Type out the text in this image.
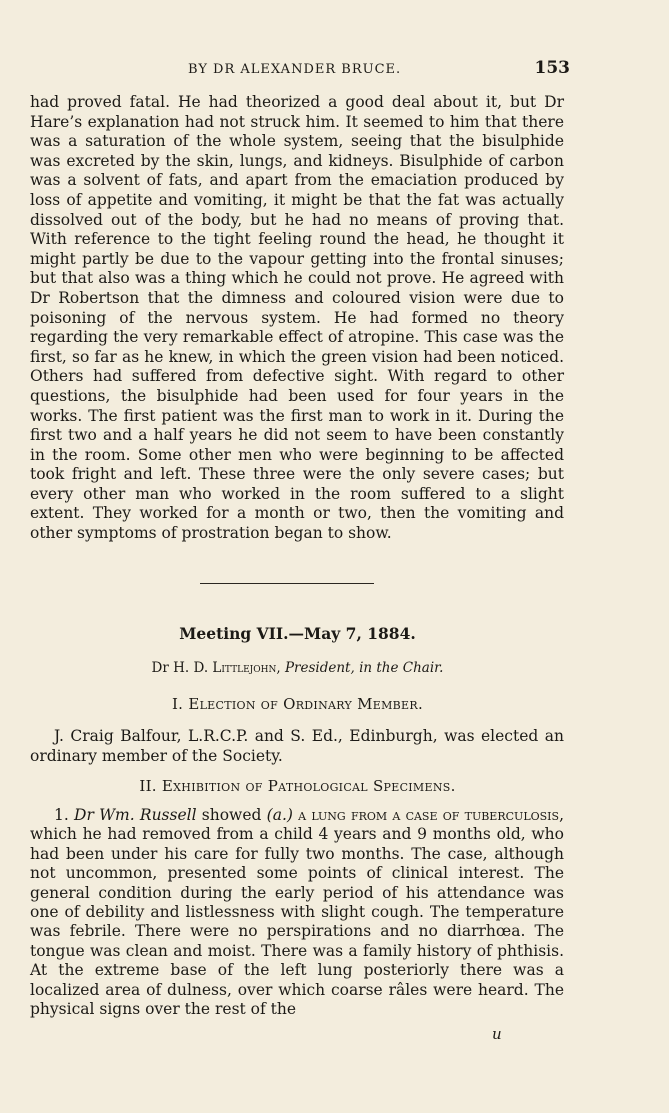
BY DR ALEXANDER BRUCE.	153

had proved fatal. He had theorized a good deal about it, but Dr Hare’s explanation had not struck him. It seemed to him that there was a saturation of the whole system, seeing that the bisulphide was excreted by the skin, lungs, and kidneys. Bisulphide of carbon was a solvent of fats, and apart from the emaciation produced by loss of appetite and vomiting, it might be that the fat was actually dissolved out of the body, but he had no means of proving that. With reference to the tight feeling round the head, he thought it might partly be due to the vapour getting into the frontal sinuses; but that also was a thing which he could not prove. He agreed with Dr Robertson that the dimness and coloured vision were due to poisoning of the nervous system. He had formed no theory regarding the very remarkable effect of atropine. This case was the first, so far as he knew, in which the green vision had been noticed. Others had suffered from defective sight. With regard to other questions, the bisulphide had been used for four years in the works. The first patient was the first man to work in it. During the first two and a half years he did not seem to have been constantly in the room. Some other men who were beginning to be affected took fright and left. These three were the only severe cases; but every other man who worked in the room suffered to a slight extent. They worked for a month or two, then the vomiting and other symptoms of prostration began to show.

Meeting VII.—May 7, 1884.

Dr H. D. Littlejohn, President, in the Chair.

I. Election of Ordinary Member.

J. Craig Balfour, L.R.C.P. and S. Ed., Edinburgh, was elected an ordinary member of the Society.

II. Exhibition of Pathological Specimens.

1. Dr Wm. Russell showed (a.) a lung from a case of tuberculosis, which he had removed from a child 4 years and 9 months old, who had been under his care for fully two months. The case, although not uncommon, presented some points of clinical interest. The general condition during the early period of his attendance was one of debility and listlessness with slight cough. The temperature was febrile. There were no perspirations and no diarrhœa. The tongue was clean and moist. There was a family history of phthisis. At the extreme base of the left lung posteriorly there was a localized area of dulness, over which coarse râles were heard. The physical signs over the rest of the

u
